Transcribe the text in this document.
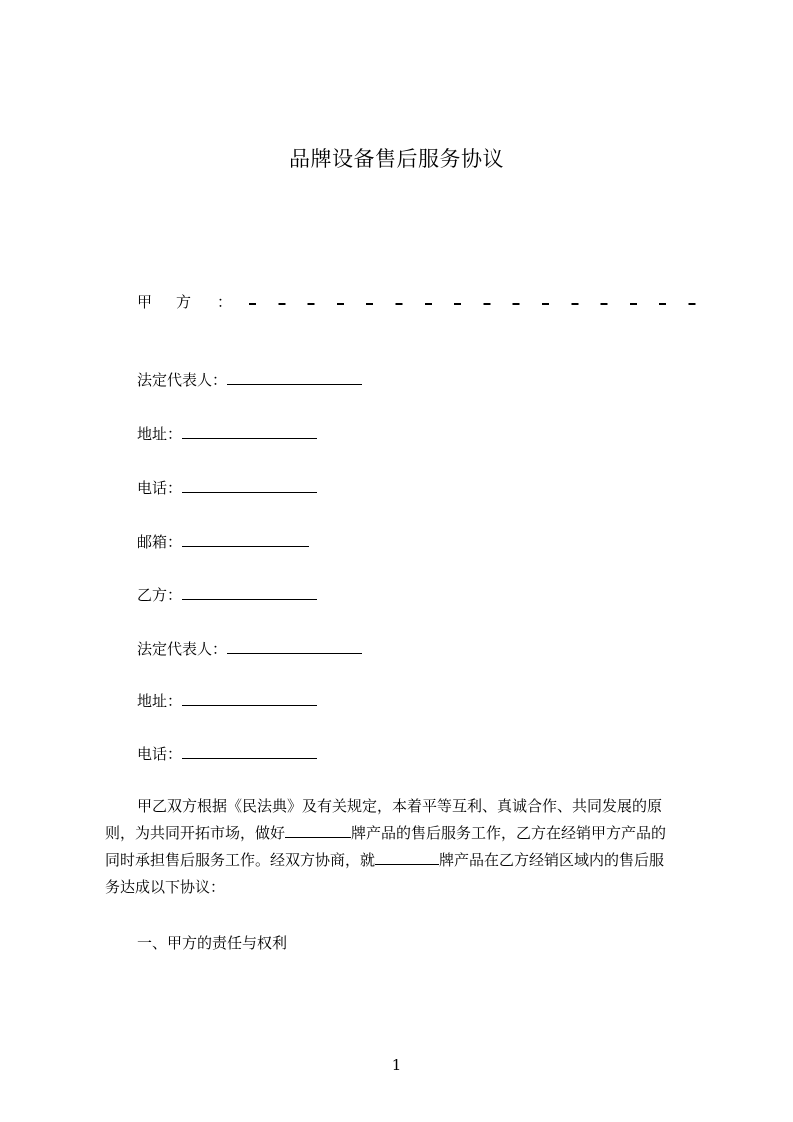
品牌设备售后服务协议
甲 方 ：
法定代表人：
地址：
电话：
邮箱：
乙方：
法定代表人：
地址：
电话：
甲乙双方根据《民法典》及有关规定，本着平等互利、真诚合作、共同发展的原
则，为共同开拓市场，做好	牌产品的售后服务工作，乙方在经销甲方产品的
同时承担售后服务工作。经双方协商，就	牌产品在乙方经销区域内的售后服
务达成以下协议：
一、甲方的责任与权利
1
